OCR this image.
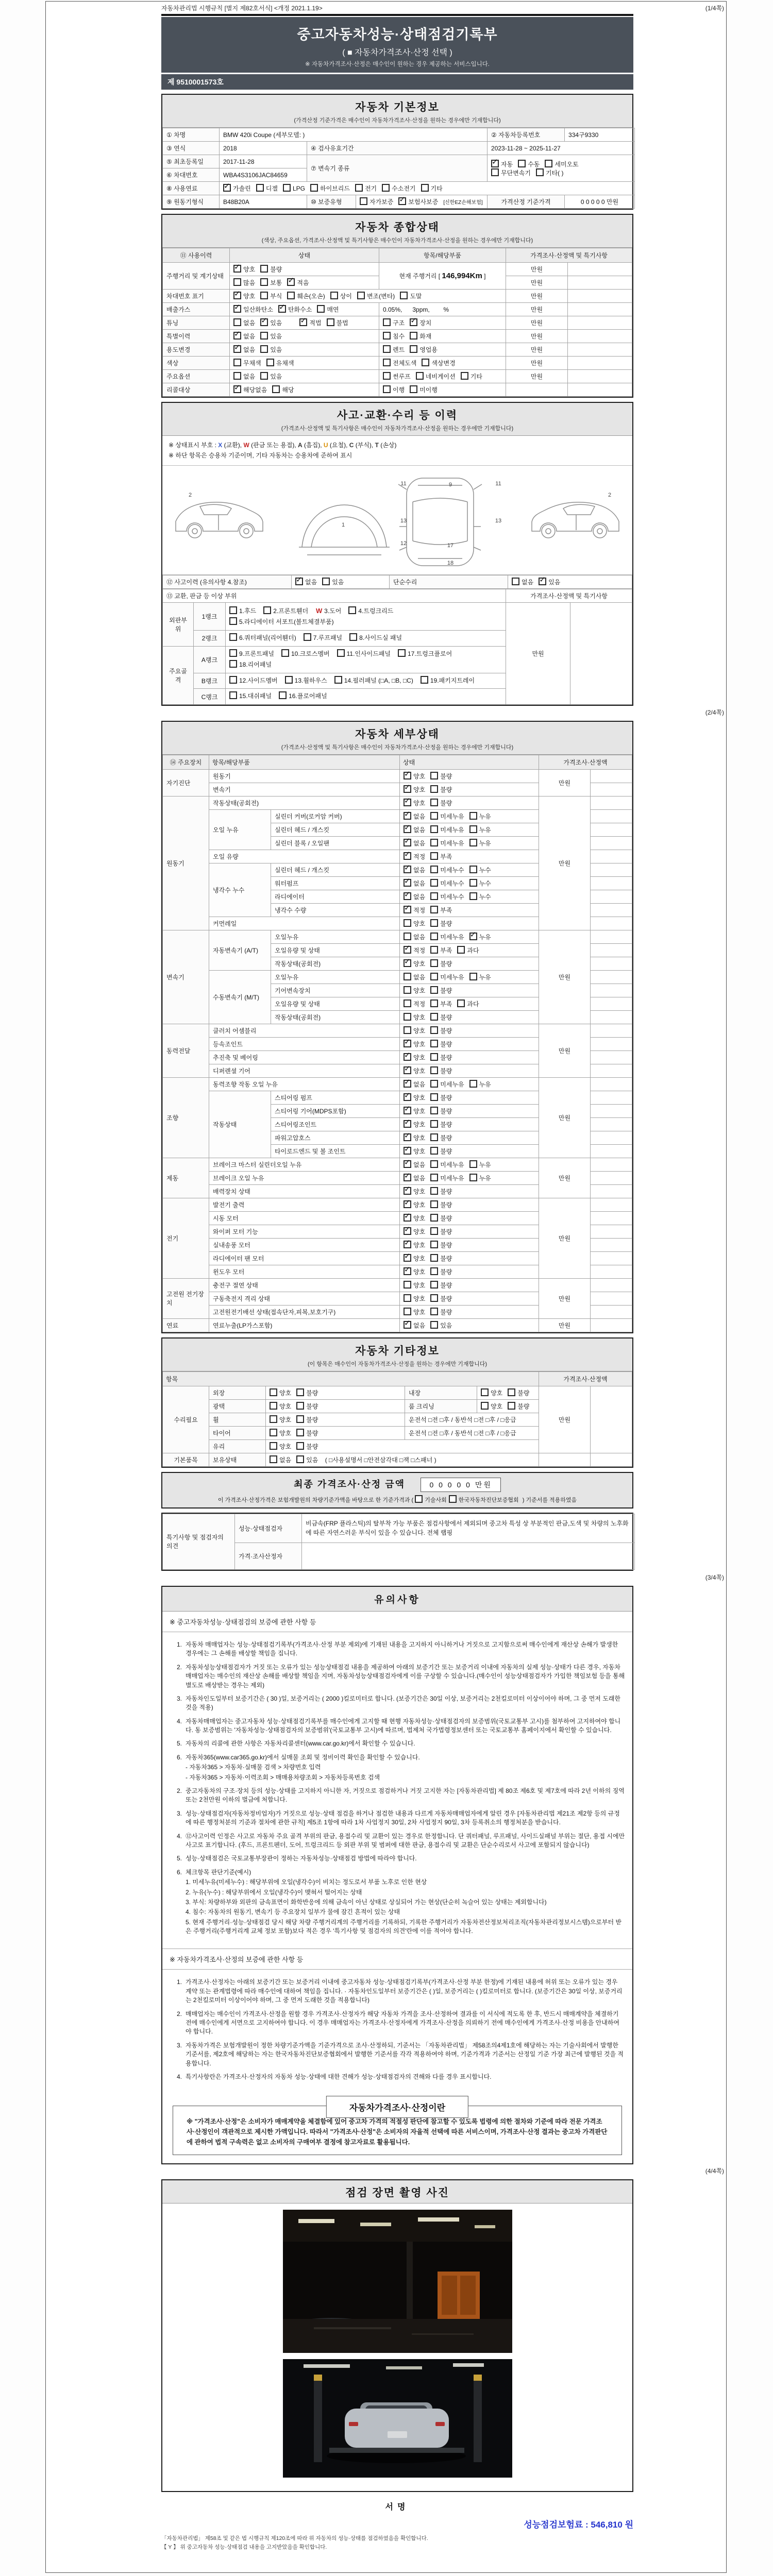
자동차관리법 시행규칙 [별지 제82호서식] <개정 2021.1.19>	(1/4쪽)
중고자동차성능·상태점검기록부
( ■ 자동차가격조사·산정 선택 )
※ 자동차가격조사·산정은 매수인이 원하는 경우 제공하는 서비스입니다.
제 9510001573호
자동차 기본정보
(가격산정 기준가격은 매수인이 자동차가격조사·산정을 원하는 경우에만 기재합니다)
① 차명	BMW 420i Coupe (세부모델: )			② 자동차등록번호	334구9330
③ 연식	2018	④ 검사유효기간		2023-11-28 ~ 2025-11-27	
⑤ 최초등록일	2017-11-28	⑦ 변속기 종류	✓자동 수동 세미오토
무단변속기 기타( )
⑥ 차대번호	WBA4S3106JAC84659				
⑧ 사용연료	✓가솔린 디젤 LPG 하이브리드 전기 수소전기 기타
⑨ 원동기형식	B48B20A	⑩ 보증유형	자가보증 ✓ 보험사보증 [신한EZ손해보험]	가격산정 기준가격	0 0 0 0 0 만원
자동차 종합상태
(색상, 주요옵션, 가격조사·산정액 및 특기사항은 매수인이 자동차가격조사·산정을 원하는 경우에만 기재합니다)
⑪ 사용이력	상태	항목/해당부품	가격조사·산정액 및 특기사항	
주행거리 및 계기상태	✓양호 불량	현재 주행거리 [ 146,994Km ]	만원	
	많음 보통 ✓ 적음		만원	
차대번호 표기	✓양호 부식 훼손(오손) 상이 변조(변타) 도말		만원	
배출가스	✓일산화탄소 ✓ 탄화수소 매연	0.05%,      3ppm,        %	만원	
튜닝	없음 ✓ 있음 ✓ 적법 불법	구조 ✓ 장치	만원	
특별이력	✓없음 있음	침수 화재	만원	
용도변경	✓없음 있음	렌트 영업용	만원	
색상	무채색 유채색	전체도색 색상변경	만원	
주요옵션	없음 있음	썬루프 네비게이션 기타	만원	
리콜대상	✓해당없음 해당	이행 미이행		
사고·교환·수리 등 이력
(가격조사·산정액 및 특기사항은 매수인이 자동차가격조사·산정을 원하는 경우에만 기재합니다)
※ 상태표시 부호 : X (교환), W (판금 또는 용접), A (흠집), U (요철), C (부식), T (손상)
※ 하단 항목은 승용차 기준이며, 기타 자동차는 승용차에 준하여 표시
2
1
9
11	11
13	13
12	17
18
2
⑫ 사고이력 (유의사항 4.참조)	✓없음 있음	단순수리	없음 ✓ 있음
⑬ 교환, 판금 등 이상 부위			가격조사·산정액 및 특기사항	
외판부위	1랭크	1.후드 2.프론트휀더 W 3.도어 4.트렁크리드5.라디에이터 서포트(볼트체결부품)	만원	
	2랭크	6.쿼터패널(리어휀더) 7.루프패널 8.사이드실 패널		
주요골격	A랭크	9.프론트패널 10.크로스멤버 11.인사이드패널 17.트렁크플로어18.리어패널		
	B랭크	12.사이드멤버 13.휠하우스 14.필러패널 (□A, □B, □C) 19.패키지트레이		
	C랭크	15.대쉬패널 16.플로어패널		
(2/4쪽)
자동차 세부상태
(가격조사·산정액 및 특기사항은 매수인이 자동차가격조사·산정을 원하는 경우에만 기재합니다)
⑭ 주요장치	항목/해당부품		상태	가격조사·산정액	
자기진단	원동기	✓양호 불량	만원	
	변속기	✓양호 불량	
원동기	작동상태(공회전)	✓양호 불량	만원	
	오일 누유	실린더 커버(로커암 커버)	✓없음 미세누유 누유	
		실린더 헤드 / 개스킷	✓없음 미세누유 누유	
		실린더 블록 / 오일팬	✓없음 미세누유 누유	
	오일 유량	✓적정 부족	
	냉각수 누수	실린더 헤드 / 개스킷	✓없음 미세누수 누수	
		워터펌프	✓없음 미세누수 누수	
		라디에이터	✓없음 미세누수 누수	
		냉각수 수량	✓적정 부족	
	커먼레일		양호 불량		
변속기	자동변속기 (A/T)	오일누유	없음 미세누유 ✓ 누유	만원	
		오일유량 및 상태	✓적정 부족 과다	
		작동상태(공회전)	✓양호 불량	
	수동변속기 (M/T)	오일누유	없음 미세누유 누유		
		기어변속장치	양호 불량		
		오일유량 및 상태	적정 부족 과다		
		작동상태(공회전)	양호 불량		
동력전달	클러치 어셈블리		양호 불량	만원	
	등속조인트	✓양호 불량	
	추진축 및 베어링	✓양호 불량	
	디퍼렌셜 기어	✓양호 불량	
조향	동력조향 작동 오일 누유	✓없음 미세누유 누유	만원	
	작동상태	스티어링 펌프	✓양호 불량	
		스티어링 기어(MDPS포함)	✓양호 불량	
		스티어링조인트	✓양호 불량	
		파워고압호스	✓양호 불량	
		타이로드엔드 및 볼 조인트	✓양호 불량	
제동	브레이크 마스터 실린더오일 누유	✓없음 미세누유 누유	만원	
	브레이크 오일 누유	✓없음 미세누유 누유	
	배력장치 상태	✓양호 불량	
전기	발전기 출력	✓양호 불량	만원	
	시동 모터	✓양호 불량	
	와이퍼 모터 기능	✓양호 불량	
	실내송풍 모터	✓양호 불량	
	라디에이터 팬 모터	✓양호 불량	
	윈도우 모터	✓양호 불량	
고전원 전기장치	충전구 절연 상태		양호 불량	만원	
	구동축전지 격리 상태		양호 불량		
	고전원전기배선 상태(접속단자,피복,보호기구)		양호 불량		
연료	연료누출(LP가스포함)	✓없음 있음	만원	
자동차 기타정보
(이 항목은 매수인이 자동차가격조사·산정을 원하는 경우에만 기재합니다)
항목					가격조사·산정액	
수리필요	외장	양호 불량	내장	양호 불량	만원	
	광택	양호 불량	룸 크리닝	양호 불량		
	휠	양호 불량	운전석 □전 □후 / 동반석 □전 □후 / □응급			
	타이어	양호 불량	운전석 □전 □후 / 동반석 □전 □후 / □응급			
	유리	양호 불량				
기본품목	보유상태	없음 있음 ( □사용설명서 □안전삼각대 □잭 □스패너 )				
최종 가격조사·산정 금액	0 0 0 0 0 만원
이 가격조사·산정가격은 보험개발원의 차량기준가액을 바탕으로 한 기준가격과 ( 기술사회 한국자동차진단보증협회 ) 기준서를 적용하였음
특기사항 및 점검자의 의견	성능·상태점검자	비금속(FRP 플라스틱)의 탈부착 가능 부품은 점검사항에서 제외되며 중고차 특성 상 부분적인 판금,도색 및 차량의 노후화에 따른 자연스러운 부식이 있을 수 있습니다. 전체 랩핑
	가격·조사산정자	
(3/4쪽)
유의사항
※ 중고자동차성능·상태점검의 보증에 관한 사항 등
1. 자동차 매매업자는 성능·상태점검기록부(가격조사·산정 부분 제외)에 기재된 내용을 고지하지 아니하거나 거짓으로 고지함으로써 매수인에게 재산상 손해가 발생한 경우에는 그 손해를 배상할 책임을 집니다.
2. 자동차성능상태점검자가 거짓 또는 오류가 있는 성능상태점검 내용을 제공하여 아래의 보증기간 또는 보증거리 이내에 자동차의 실제 성능·상태가 다른 경우, 자동차매매업자는 매수인의 재산상 손해를 배상할 책임을 지며, 자동차성능상태점검자에게 이를 구상할 수 있습니다.(매수인이 성능상태점검자가 가입한 책임보험 등을 통해 별도로 배상받는 경우는 제외)
3. 자동차인도일부터 보증기간은 ( 30 )일, 보증거리는 ( 2000 )킬로미터로 합니다. (보증기간은 30일 이상, 보증거리는 2천킬로미터 이상이어야 하며, 그 중 먼저 도래한 것을 적용)
4. 자동차매매업자는 중고자동차 성능·상태점검기록부를 매수인에게 고지할 때 현행 자동차성능·상태점검자의 보증범위(국토교통부 고시)를 첨부하여 고지하여야 합니다. 동 보증범위는 '자동차성능·상태점검자의 보증범위'(국토교통부 고시)에 따르며, 법제처 국가법령정보센터 또는 국토교통부 홈페이지에서 확인할 수 있습니다.
5. 자동차의 리콜에 관한 사항은 자동차리콜센터(www.car.go.kr)에서 확인할 수 있습니다.
6. 자동차365(www.car365.go.kr)에서 실매물 조회 및 정비이력 확인을 확인할 수 있습니다.
- 자동차365 > 자동차·실매물 검색 > 차량번호 입력
- 자동차365 > 자동차·이력조회 > 매매용차량조회 > 자동차등록번호 검색
2. 중고자동차의 구조·장치 등의 성능·상태를 고지하지 아니한 자, 거짓으로 점검하거나 거짓 고지한 자는 [자동차관리법] 제 80조 제6호 및 제7호에 따라 2년 이하의 징역 또는 2천만원 이하의 벌금에 처합니다.
3. 성능·상태점검자(자동차정비업자)가 거짓으로 성능·상태 점검을 하거나 점검한 내용과 다르게 자동차매매업자에게 알린 경우 [자동차관리법 제21조 제2항 등의 규정에 따른 행정처분의 기준과 절차에 관한 규칙] 제5조 1항에 따라 1차 사업정지 30일, 2차 사업정지 90일, 3차 등록취소의 행정처분을 받습니다.
4. ⑫사고이력 인정은 사고로 자동차 주요 골격 부위의 판금, 용접수리 및 교환이 있는 경우로 한정합니다. 단 쿼터패널, 루프패널, 사이드실패널 부위는 절단, 용접 시에만 사고로 표기합니다. (후드, 프론트펜더, 도어, 트렁크리드 등 외판 부위 및 범퍼에 대한 판금, 용접수리 및 교환은 단순수리로서 사고에 포함되지 않습니다)
5. 성능·상태점검은 국토교통부장관이 정하는 자동차성능·상태점검 방법에 따라야 합니다.
6. 체크항목 판단기준(예시)
1. 미세누유(미세누수) : 해당부위에 오일(냉각수)이 비치는 정도로서 부품 노후로 인한 현상
2. 누유(누수) : 해당부위에서 오일(냉각수)이 맺혀서 떨어지는 상태
3. 부식: 차량하부와 외판의 금속표면이 화학반응에 의해 금속이 아닌 상태로 상실되어 가는 현상(단순히 녹슬어 있는 상태는 제외합니다)
4. 침수: 자동차의 원동기, 변속기 등 주요장치 일부가 물에 잠긴 흔적이 있는 상태
5. 현재 주행거리·성능·상태점검 당시 해당 차량 주행거리계의 주행거리를 기록하되, 기록한 주행거리가 자동차전산정보처리조직(자동차관리정보시스템)으로부터 받은 주행거리(주행거리계 교체 정보 포함)보다 적은 경우 '특기사항 및 점검자의 의견'란에 이를 적어야 합니다.
※ 자동차가격조사·산정의 보증에 관한 사항 등
1. 가격조사·산정자는 아래의 보증기간 또는 보증거리 이내에 중고자동차 성능·상태점검기록부(가격조사·산정 부분 한정)에 기재된 내용에 허위 또는 오류가 있는 경우 계약 또는 관계법령에 따라 매수인에 대하여 책임을 집니다. · 자동차인도일부터 보증기간은 ( )일, 보증거리는 ( )킬로미터로 합니다. (보증기간은 30일 이상, 보증거리는 2천킬로미터 이상이어야 하며, 그 중 먼저 도래한 것을 적용합니다)
2. 매매업자는 매수인이 가격조사·산정을 원할 경우 가격조사·산정자가 해당 자동차 가격을 조사·산정하여 결과를 이 서식에 적도록 한 후, 반드시 매매계약을 체결하기 전에 매수인에게 서면으로 고지하여야 합니다. 이 경우 매매업자는 가격조사·산정자에게 가격조사·산정을 의뢰하기 전에 매수인에게 가격조사·산정 비용을 안내하여야 합니다.
3. 자동차가격은 보험개발원이 정한 차량기준가액을 기준가격으로 조사·산정하되, 기준서는 「자동차관리법」 제58조의4제1호에 해당하는 자는 기술사회에서 발행한 기준서를, 제2호에 해당하는 자는 한국자동차진단보증협회에서 발행한 기준서를 각각 적용하여야 하며, 기준가격과 기준서는 산정일 기준 가장 최근에 발행된 것을 적용합니다.
4. 특기사항란은 가격조사·산정자의 자동차 성능·상태에 대한 견해가 성능·상태점검자의 견해와 다를 경우 표시합니다.
자동차가격조사·산정이란
※ "가격조사·산정"은 소비자가 매매계약을 체결함에 있어 중고차 가격의 적절성 판단에 참고할 수 있도록 법령에 의한 절차와 기준에 따라 전문 가격조사·산정인이 객관적으로 제시한 가액입니다. 따라서 "가격조사·산정"은 소비자의 자율적 선택에 따른 서비스이며, 가격조사·산정 결과는 중고차 가격판단에 관하여 법적 구속력은 없고 소비자의 구매여부 결정에 참고자료로 활용됩니다.
(4/4쪽)
점검 장면 촬영 사진
서명
성능점검보험료 : 546,810 원
「자동차관리법」 제58조 및 같은 법 시행규칙 제120조에 따라 위 자동차의 성능·상태를 점검하였음을 확인합니다.
【 Y 】 위 중고자동차 성능·상태점검 내용을 고지받았음을 확인합니다.
